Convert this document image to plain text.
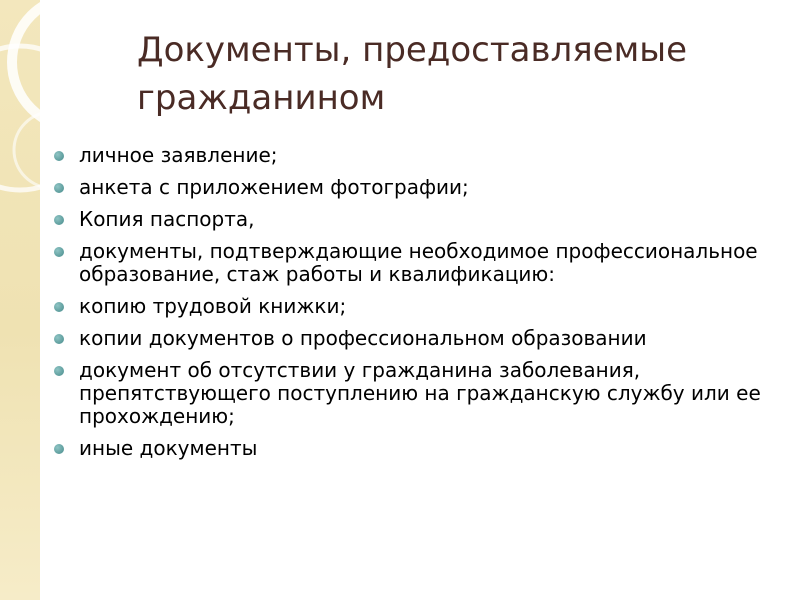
Документы, предоставляемые гражданином
личное заявление;
анкета с приложением фотографии;
Копия паспорта,
документы, подтверждающие необходимое профессиональное образование, стаж работы и квалификацию:
копию трудовой книжки;
копии документов о профессиональном образовании
документ об отсутствии у гражданина заболевания, препятствующего поступлению на гражданскую службу или ее прохождению;
иные документы
